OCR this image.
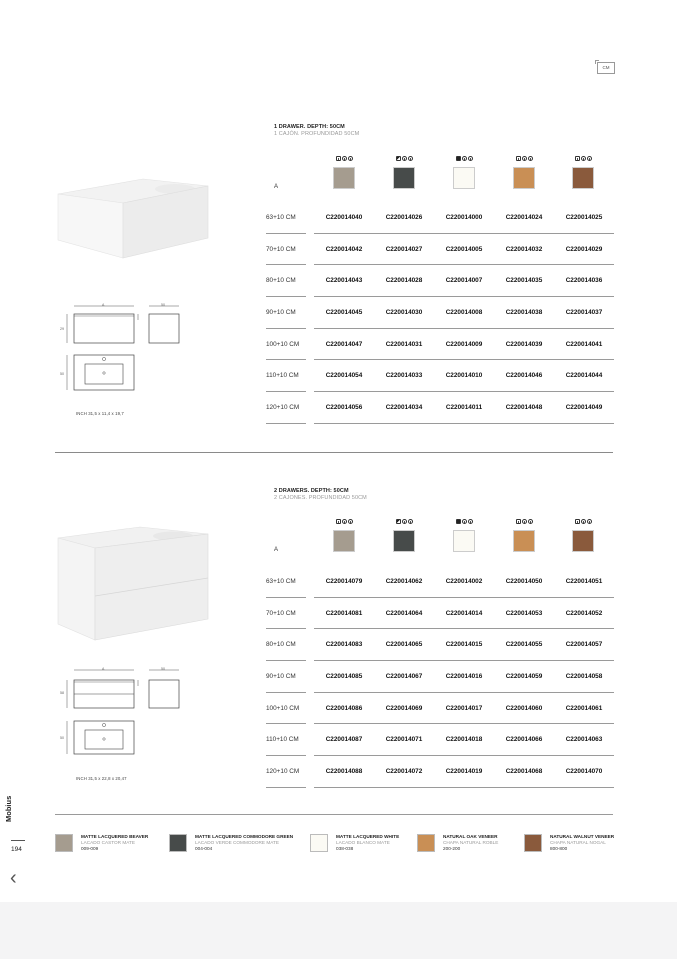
CM
1 DRAWER. DEPTH: 50CM
1 CAJÓN. PROFUNDIDAD 50CM
A	50
29
50
INCH 31,5 x 11,4 x 19,7
A
63+10 CM		C220014040	C220014026	C220014000	C220014024	C220014025
70+10 CM		C220014042	C220014027	C220014005	C220014032	C220014029
80+10 CM		C220014043	C220014028	C220014007	C220014035	C220014036
90+10 CM		C220014045	C220014030	C220014008	C220014038	C220014037
100+10 CM		C220014047	C220014031	C220014009	C220014039	C220014041
110+10 CM		C220014054	C220014033	C220014010	C220014046	C220014044
120+10 CM		C220014056	C220014034	C220014011	C220014048	C220014049
2 DRAWERS. DEPTH: 50CM
2 CAJONES. PROFUNDIDAD 50CM
A	50
58
50
INCH 31,5 x 22,8 x 20,47
A
63+10 CM		C220014079	C220014062	C220014002	C220014050	C220014051
70+10 CM		C220014081	C220014064	C220014014	C220014053	C220014052
80+10 CM		C220014083	C220014065	C220014015	C220014055	C220014057
90+10 CM		C220014085	C220014067	C220014016	C220014059	C220014058
100+10 CM		C220014086	C220014069	C220014017	C220014060	C220014061
110+10 CM		C220014087	C220014071	C220014018	C220014066	C220014063
120+10 CM		C220014088	C220014072	C220014019	C220014068	C220014070
MATTE LACQUERED BEAVER
LACADO CASTOR MATE
009-009
MATTE LACQUERED COMMODORE GREEN
LACADO VERDE COMMODORE MATE
004-004
MATTE LACQUERED WHITE
LACADO BLANCO MATE
038-038
NATURAL OAK VENEER
CHAPA NATURAL ROBLE
200-200
NATURAL WALNUT VENEER
CHAPA NATURAL NOGAL
800-800
Mobius
194
‹
